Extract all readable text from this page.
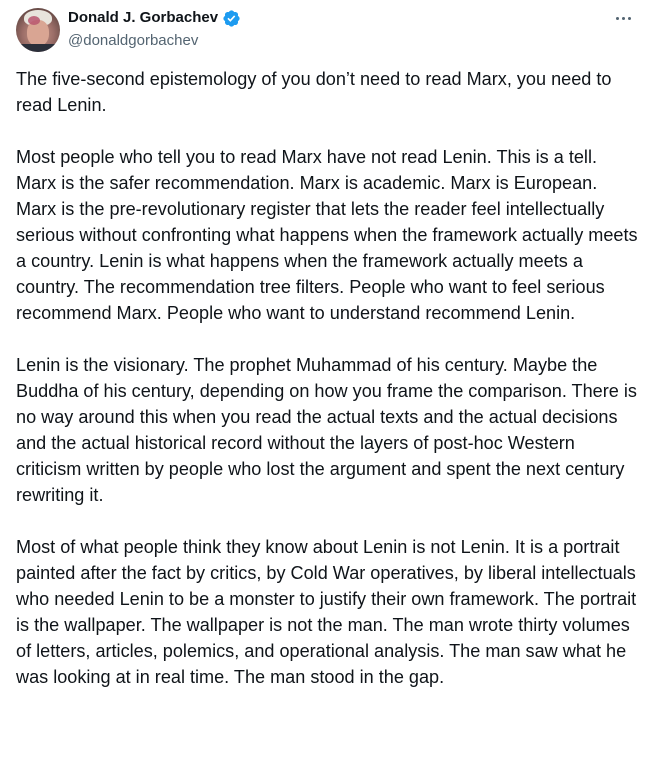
Donald J. Gorbachev
@donaldgorbachev

The five-second epistemology of you don’t need to read Marx, you need to read Lenin.

Most people who tell you to read Marx have not read Lenin. This is a tell. Marx is the safer recommendation. Marx is academic. Marx is European. Marx is the pre-revolutionary register that lets the reader feel intellectually serious without confronting what happens when the framework actually meets a country. Lenin is what happens when the framework actually meets a country. The recommendation tree filters. People who want to feel serious recommend Marx. People who want to understand recommend Lenin.

Lenin is the visionary. The prophet Muhammad of his century. Maybe the Buddha of his century, depending on how you frame the comparison. There is no way around this when you read the actual texts and the actual decisions and the actual historical record without the layers of post-hoc Western criticism written by people who lost the argument and spent the next century rewriting it.

Most of what people think they know about Lenin is not Lenin. It is a portrait painted after the fact by critics, by Cold War operatives, by liberal intellectuals who needed Lenin to be a monster to justify their own framework. The portrait is the wallpaper. The wallpaper is not the man. The man wrote thirty volumes of letters, articles, polemics, and operational analysis. The man saw what he was looking at in real time. The man stood in the gap.
